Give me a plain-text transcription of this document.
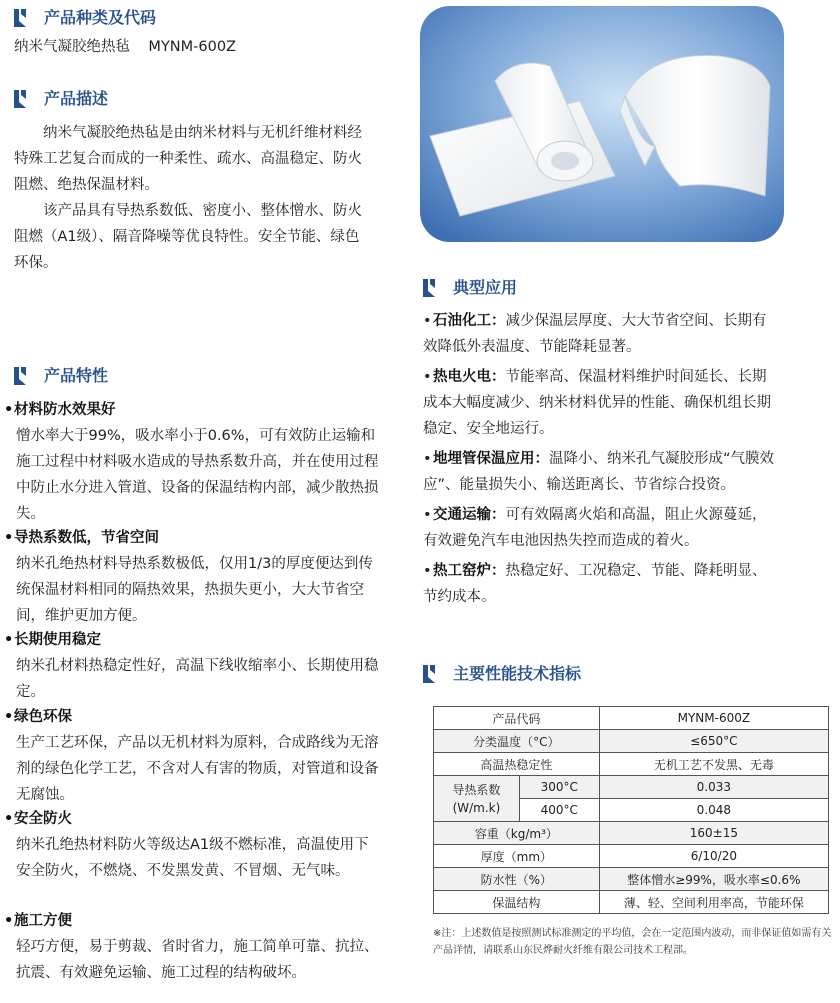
产品种类及代码
纳米气凝胶绝热毡    MYNM-600Z
产品描述

纳米气凝胶绝热毡是由纳米材料与无机纤维材料经特殊工艺复合而成的一种柔性、疏水、高温稳定、防火阻燃、绝热保温材料。

该产品具有导热系数低、密度小、整体憎水、防火阻燃（A1级）、隔音降噪等优良特性。安全节能、绿色环保。

典型应用
•石油化工：减少保温层厚度、大大节省空间、长期有效降低外表温度、节能降耗显著。
•热电火电：节能率高、保温材料维护时间延长、长期成本大幅度减少、纳米材料优异的性能、确保机组长期稳定、安全地运行。
•地埋管保温应用：温降小、纳米孔气凝胶形成“气膜效应”、能量损失小、输送距离长、节省综合投资。
•交通运输：可有效隔离火焰和高温，阻止火源蔓延，有效避免汽车电池因热失控而造成的着火。
•热工窑炉：热稳定好、工况稳定、节能、降耗明显、节约成本。
产品特性
•材料防水效果好
憎水率大于99%，吸水率小于0.6%，可有效防止运输和施工过程中材料吸水造成的导热系数升高，并在使用过程中防止水分进入管道、设备的保温结构内部，减少散热损失。
•导热系数低，节省空间
纳米孔绝热材料导热系数极低，仅用1/3的厚度便达到传统保温材料相同的隔热效果，热损失更小，大大节省空间，维护更加方便。
•长期使用稳定
纳米孔材料热稳定性好，高温下线收缩率小、长期使用稳定。
•绿色环保
生产工艺环保，产品以无机材料为原料，合成路线为无溶剂的绿色化学工艺，不含对人有害的物质，对管道和设备无腐蚀。
•安全防火
纳米孔绝热材料防火等级达A1级不燃标准，高温使用下安全防火，不燃烧、不发黑发黄、不冒烟、无气味。
•施工方便
轻巧方便，易于剪裁、省时省力，施工简单可靠、抗拉、抗震、有效避免运输、施工过程的结构破坏。
主要性能技术指标
产品代码		MYNM-600Z
分类温度（°C）		≤650°C
高温热稳定性		无机工艺不发黑、无毒
导热系数
(W/m.k)	300°C	0.033
	400°C	0.048
容重（kg/m³）		160±15
厚度（mm）		6/10/20
防水性（%）		整体憎水≥99%，吸水率≤0.6%
保温结构		薄、轻、空间利用率高，节能环保
※注：上述数值是按照测试标准测定的平均值，会在一定范围内波动，而非保证值如需有关产品详情，请联系山东民烨耐火纤维有限公司技术工程部。
